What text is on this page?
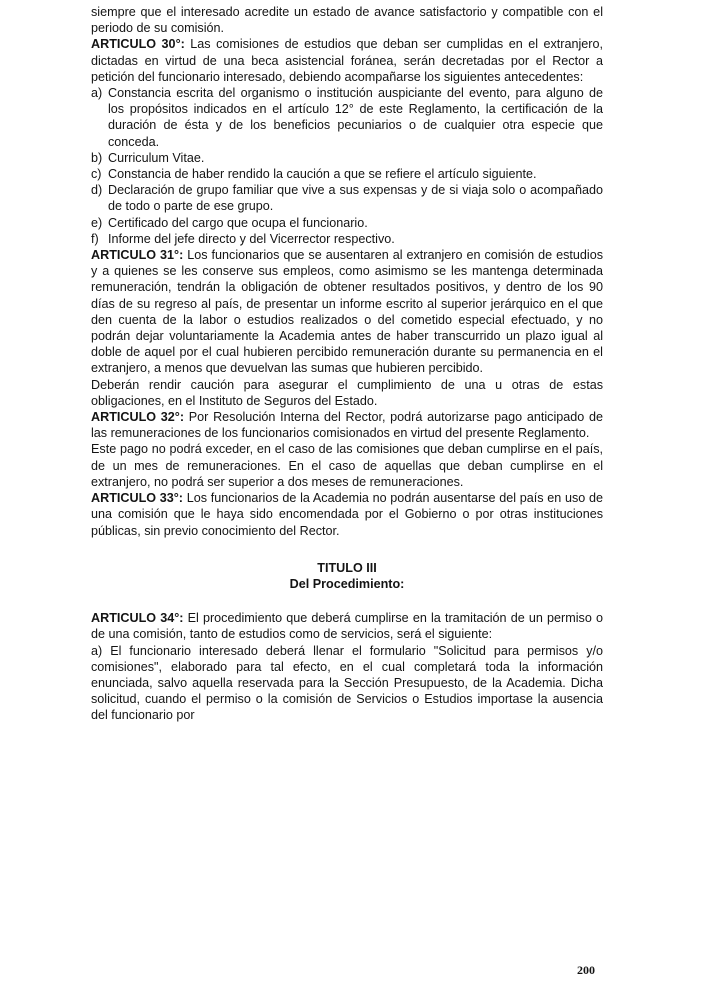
siempre que el interesado acredite un estado de avance satisfactorio y compatible con el periodo de su comisión.

ARTICULO 30°: Las comisiones de estudios que deban ser cumplidas en el extranjero, dictadas en virtud de una beca asistencial foránea, serán decretadas por el Rector a petición del funcionario interesado, debiendo acompañarse los siguientes antecedentes:

a) Constancia escrita del organismo o institución auspiciante del evento, para alguno de los propósitos indicados en el artículo 12° de este Reglamento, la certificación de la duración de ésta y de los beneficios pecuniarios o de cualquier otra especie que conceda.
b) Curriculum Vitae.
c) Constancia de haber rendido la caución a que se refiere el artículo siguiente.
d) Declaración de grupo familiar que vive a sus expensas y de si viaja solo o acompañado de todo o parte de ese grupo.
e) Certificado del cargo que ocupa el funcionario.
f) Informe del jefe directo y del Vicerrector respectivo.

ARTICULO 31°: Los funcionarios que se ausentaren al extranjero en comisión de estudios y a quienes se les conserve sus empleos, como asimismo se les mantenga determinada remuneración, tendrán la obligación de obtener resultados positivos, y dentro de los 90 días de su regreso al país, de presentar un informe escrito al superior jerárquico en el que den cuenta de la labor o estudios realizados o del cometido especial efectuado, y no podrán dejar voluntariamente la Academia antes de haber transcurrido un plazo igual al doble de aquel por el cual hubieren percibido remuneración durante su permanencia en el extranjero, a menos que devuelvan las sumas que hubieren percibido.

Deberán rendir caución para asegurar el cumplimiento de una u otras de estas obligaciones, en el Instituto de Seguros del Estado.

ARTICULO 32°: Por Resolución Interna del Rector, podrá autorizarse pago anticipado de las remuneraciones de los funcionarios comisionados en virtud del presente Reglamento.

Este pago no podrá exceder, en el caso de las comisiones que deban cumplirse en el país, de un mes de remuneraciones. En el caso de aquellas que deban cumplirse en el extranjero, no podrá ser superior a dos meses de remuneraciones.

ARTICULO 33°: Los funcionarios de la Academia no podrán ausentarse del país en uso de una comisión que le haya sido encomendada por el Gobierno o por otras instituciones públicas, sin previo conocimiento del Rector.

TITULO III
Del Procedimiento:

ARTICULO 34°: El procedimiento que deberá cumplirse en la tramitación de un permiso o de una comisión, tanto de estudios como de servicios, será el siguiente:

a) El funcionario interesado deberá llenar el formulario "Solicitud para permisos y/o comisiones", elaborado para tal efecto, en el cual completará toda la información enunciada, salvo aquella reservada para la Sección Presupuesto, de la Academia. Dicha solicitud, cuando el permiso o la comisión de Servicios o Estudios importase la ausencia del funcionario por

200
